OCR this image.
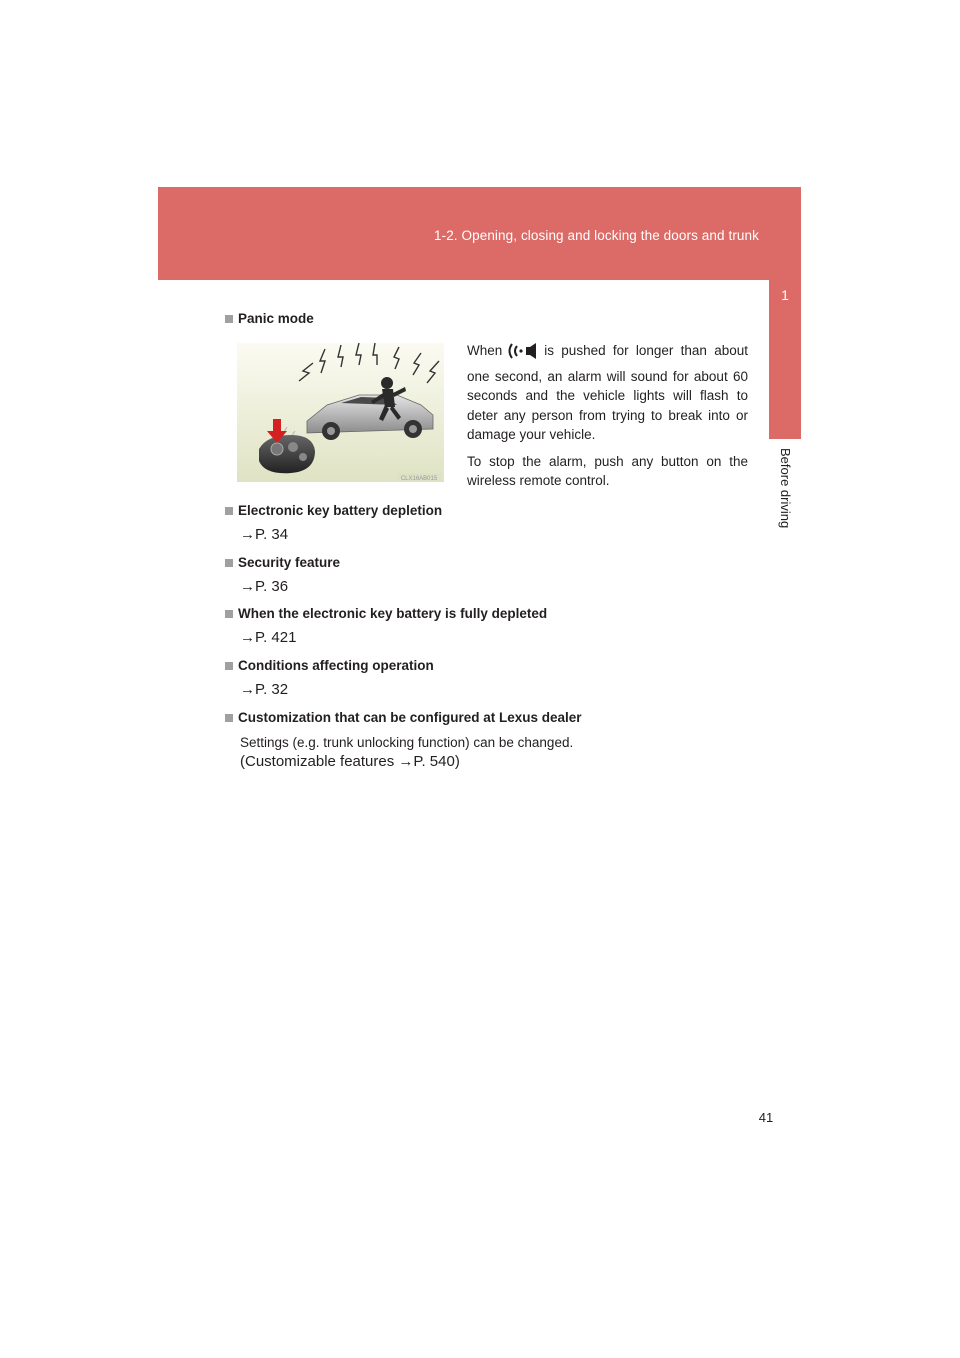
1-2. Opening, closing and locking the doors and trunk
1
Before driving
Panic mode
CLX16AB015

When	is pushed for longer than about one second, an alarm will sound for about 60 seconds and the vehicle lights will flash to deter any person from trying to break into or damage your vehicle.

To stop the alarm, push any button on the wireless remote control.

Electronic key battery depletion
→P. 34
Security feature
→P. 36
When the electronic key battery is fully depleted
→P. 421
Conditions affecting operation
→P. 32
Customization that can be configured at Lexus dealer
Settings (e.g. trunk unlocking function) can be changed.
(Customizable features →P. 540)
41
